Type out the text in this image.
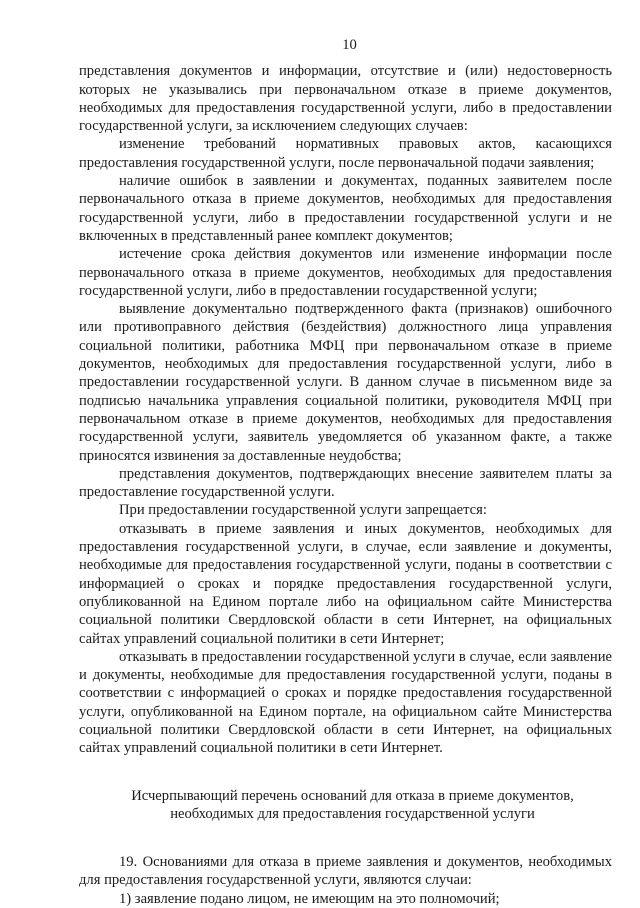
10

представления документов и информации, отсутствие и (или) недостоверность которых не указывались при первоначальном отказе в приеме документов, необходимых для предоставления государственной услуги, либо в предоставлении государственной услуги, за исключением следующих случаев:

изменение требований нормативных правовых актов, касающихся предоставления государственной услуги, после первоначальной подачи заявления;

наличие ошибок в заявлении и документах, поданных заявителем после первоначального отказа в приеме документов, необходимых для предоставления государственной услуги, либо в предоставлении государственной услуги и не включенных в представленный ранее комплект документов;

истечение срока действия документов или изменение информации после первоначального отказа в приеме документов, необходимых для предоставления государственной услуги, либо в предоставлении государственной услуги;

выявление документально подтвержденного факта (признаков) ошибочного или противоправного действия (бездействия) должностного лица управления социальной политики, работника МФЦ при первоначальном отказе в приеме документов, необходимых для предоставления государственной услуги, либо в предоставлении государственной услуги. В данном случае в письменном виде за подписью начальника управления социальной политики, руководителя МФЦ при первоначальном отказе в приеме документов, необходимых для предоставления государственной услуги, заявитель уведомляется об указанном факте, а также приносятся извинения за доставленные неудобства;

представления документов, подтверждающих внесение заявителем платы за предоставление государственной услуги.

При предоставлении государственной услуги запрещается:

отказывать в приеме заявления и иных документов, необходимых для предоставления государственной услуги, в случае, если заявление и документы, необходимые для предоставления государственной услуги, поданы в соответствии с информацией о сроках и порядке предоставления государственной услуги, опубликованной на Едином портале либо на официальном сайте Министерства социальной политики Свердловской области в сети Интернет, на официальных сайтах управлений социальной политики в сети Интернет;

отказывать в предоставлении государственной услуги в случае, если заявление и документы, необходимые для предоставления государственной услуги, поданы в соответствии с информацией о сроках и порядке предоставления государственной услуги, опубликованной на Едином портале, на официальном сайте Министерства социальной политики Свердловской области в сети Интернет, на официальных сайтах управлений социальной политики в сети Интернет.

Исчерпывающий перечень оснований для отказа в приеме документов,
необходимых для предоставления государственной услуги

19. Основаниями для отказа в приеме заявления и документов, необходимых для предоставления государственной услуги, являются случаи:

1) заявление подано лицом, не имеющим на это полномочий;
